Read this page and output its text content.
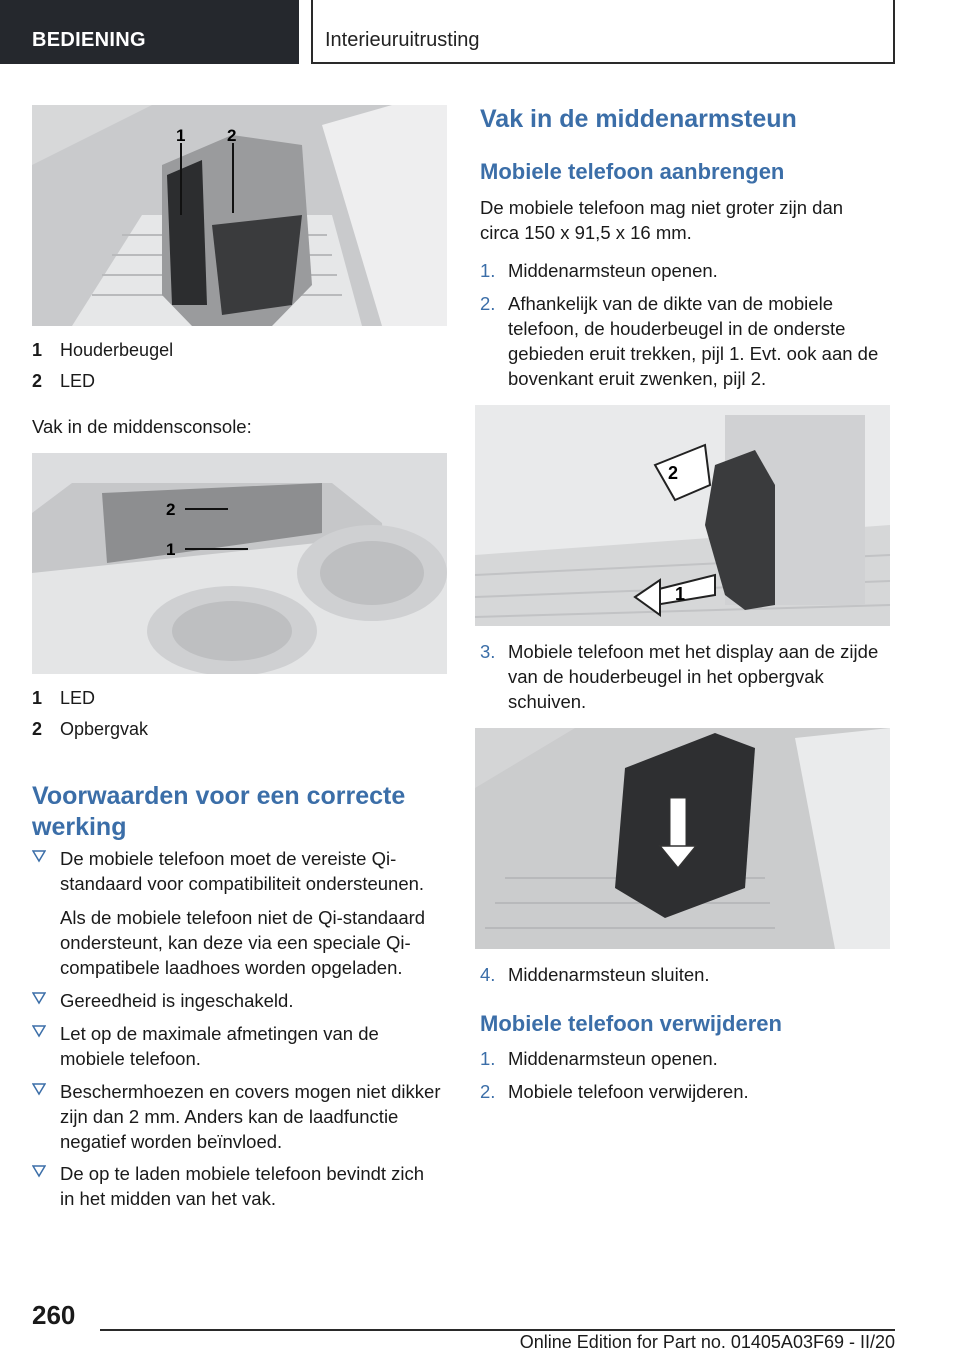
BEDIENING	Interieuruitrusting
1 2
1 Houderbeugel
2 LED

Vak in de middensconsole:

2
1
1 LED
2 Opbergvak
Voorwaarden voor een correcte
werking
De mobiele telefoon moet de vereiste Qi-standaard voor compatibiliteit ondersteunen.
Als de mobiele telefoon niet de Qi-standaard ondersteunt, kan deze via een speciale Qi-compatibele laadhoes worden opgeladen.
Gereedheid is ingeschakeld.
Let op de maximale afmetingen van de mobiele telefoon.
Beschermhoezen en covers mogen niet dikker zijn dan 2 mm. Anders kan de laadfunctie negatief worden beïnvloed.
De op te laden mobiele telefoon bevindt zich in het midden van het vak.
Vak in de middenarmsteun
Mobiele telefoon aanbrengen

De mobiele telefoon mag niet groter zijn dan circa 150 x 91,5 x 16 mm.

1. Middenarmsteun openen.
2. Afhankelijk van de dikte van de mobiele telefoon, de houderbeugel in de onderste gebieden eruit trekken, pijl 1. Evt. ook aan de bovenkant eruit zwenken, pijl 2.
2
1
3. Mobiele telefoon met het display aan de zijde van de houderbeugel in het opbergvak schuiven.
4. Middenarmsteun sluiten.
Mobiele telefoon verwijderen
1. Middenarmsteun openen.
2. Mobiele telefoon verwijderen.
260
Online Edition for Part no. 01405A03F69 - II/20
